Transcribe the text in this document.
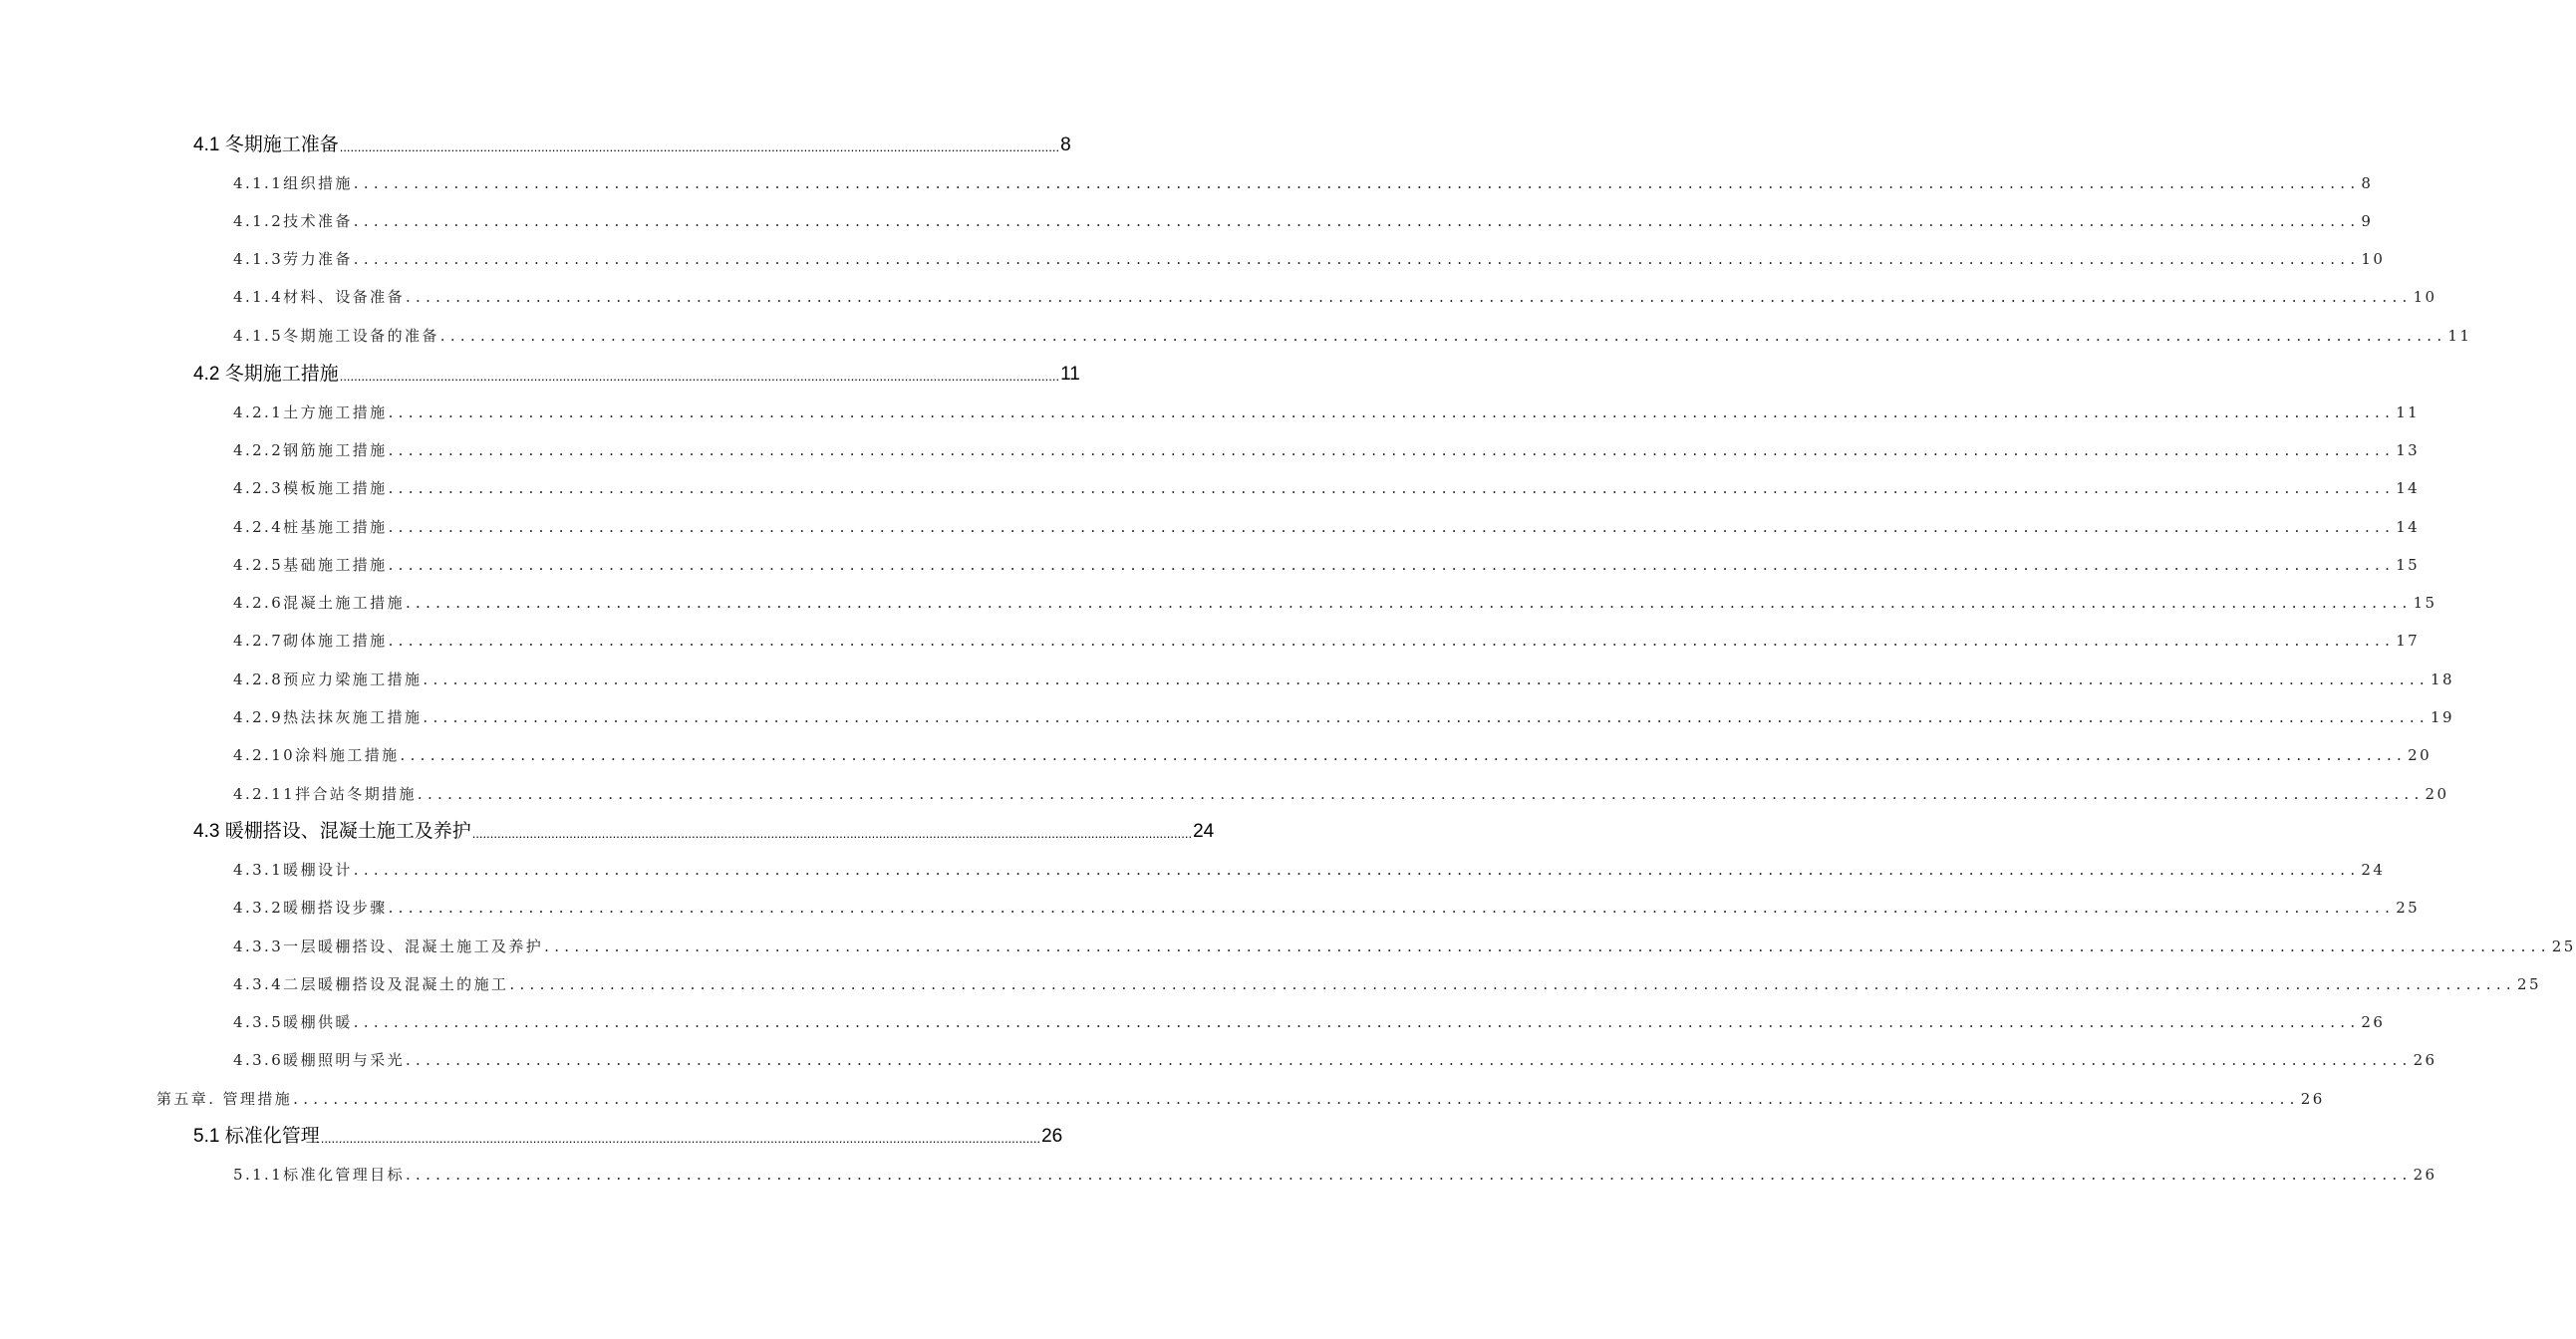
4.1 冬期施工准备 ........................................................................................................................................................................................................ 8
4.1.1组织措施 ........................................................................................................................................................................................................ 8
4.1.2技术准备 ........................................................................................................................................................................................................ 9
4.1.3劳力准备 ........................................................................................................................................................................................................ 10
4.1.4材料、设备准备 ........................................................................................................................................................................................................ 10
4.1.5冬期施工设备的准备 ........................................................................................................................................................................................................ 11
4.2 冬期施工措施 ........................................................................................................................................................................................................ 11
4.2.1土方施工措施 ........................................................................................................................................................................................................ 11
4.2.2钢筋施工措施 ........................................................................................................................................................................................................ 13
4.2.3模板施工措施 ........................................................................................................................................................................................................ 14
4.2.4桩基施工措施 ........................................................................................................................................................................................................ 14
4.2.5基础施工措施 ........................................................................................................................................................................................................ 15
4.2.6混凝土施工措施 ........................................................................................................................................................................................................ 15
4.2.7砌体施工措施 ........................................................................................................................................................................................................ 17
4.2.8预应力梁施工措施 ........................................................................................................................................................................................................ 18
4.2.9热法抹灰施工措施 ........................................................................................................................................................................................................ 19
4.2.10涂料施工措施 ........................................................................................................................................................................................................ 20
4.2.11拌合站冬期措施 ........................................................................................................................................................................................................ 20
4.3 暖棚搭设、混凝土施工及养护 ........................................................................................................................................................................................................ 24
4.3.1暖棚设计 ........................................................................................................................................................................................................ 24
4.3.2暖棚搭设步骤 ........................................................................................................................................................................................................ 25
4.3.3一层暖棚搭设、混凝土施工及养护 ........................................................................................................................................................................................................ 25
4.3.4二层暖棚搭设及混凝土的施工 ........................................................................................................................................................................................................ 25
4.3.5暖棚供暖 ........................................................................................................................................................................................................ 26
4.3.6暖棚照明与采光 ........................................................................................................................................................................................................ 26
第五章. 管理措施 ........................................................................................................................................................................................................ 26
5.1 标准化管理 ........................................................................................................................................................................................................ 26
5.1.1标准化管理目标 ........................................................................................................................................................................................................ 26
